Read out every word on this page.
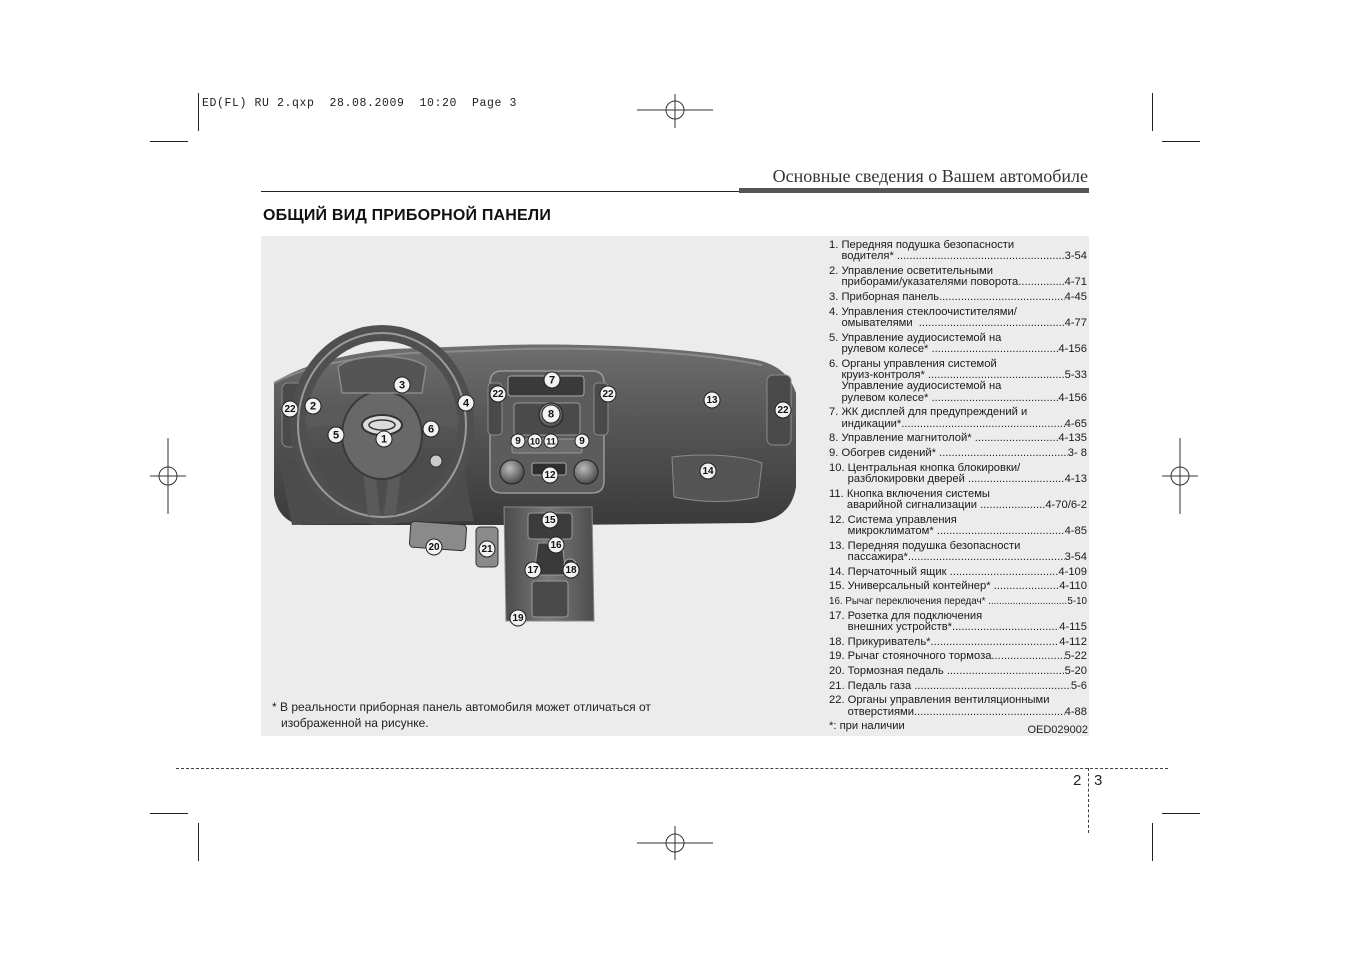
ED(FL) RU 2.qxp  28.08.2009  10:20  Page 3
Основные сведения о Вашем автомобиле
ОБЩИЙ ВИД ПРИБОРНОЙ ПАНЕЛИ
1
2
3
4
5	6
7
8
9 10 11 9
12
13
14
15
16
17	18
19
20	21
22
22	22
22
* В реальности приборная панель автомобиля может отличаться от
изображенной на рисунке.
1. Передняя подушка безопасности
водителя* .....	3-54
2. Управление осветительными
приборами/указателями поворота .....	4-71
3. Приборная панель .....	4-45
4. Управления стеклоочистителями/
омывателями .....	4-77
5. Управление аудиосистемой на
рулевом колесе* .....	4-156
6. Органы управления системой
круиз-контроля* .....	5-33
Управление аудиосистемой на
рулевом колесе* .....	4-156
7. ЖК дисплей для предупреждений и
индикации* .....	4-65
8. Управление магнитолой* .....	4-135
9. Обогрев сидений* .....	3- 8
10. Центральная кнопка блокировки/
разблокировки дверей .....	4-13
11. Кнопка включения системы
аварийной сигнализации .....	4-70/6-2
12. Система управления
микроклиматом* .....	4-85
13. Передняя подушка безопасности
пассажира* .....	3-54
14. Перчаточный ящик .....	4-109
15. Универсальный контейнер* .....	4-110
16. Рычаг переключения передач* .....	5-10
17. Розетка для подключения
внешних устройств* .....	4-115
18. Прикуриватель* .....	4-112
19. Рычаг стояночного тормоза .....	5-22
20. Тормозная педаль .....	5-20
21. Педаль газа .....	5-6
22. Органы управления вентиляционными
отверстиями .....	4-88
*: при наличии	OED029002
2 3
